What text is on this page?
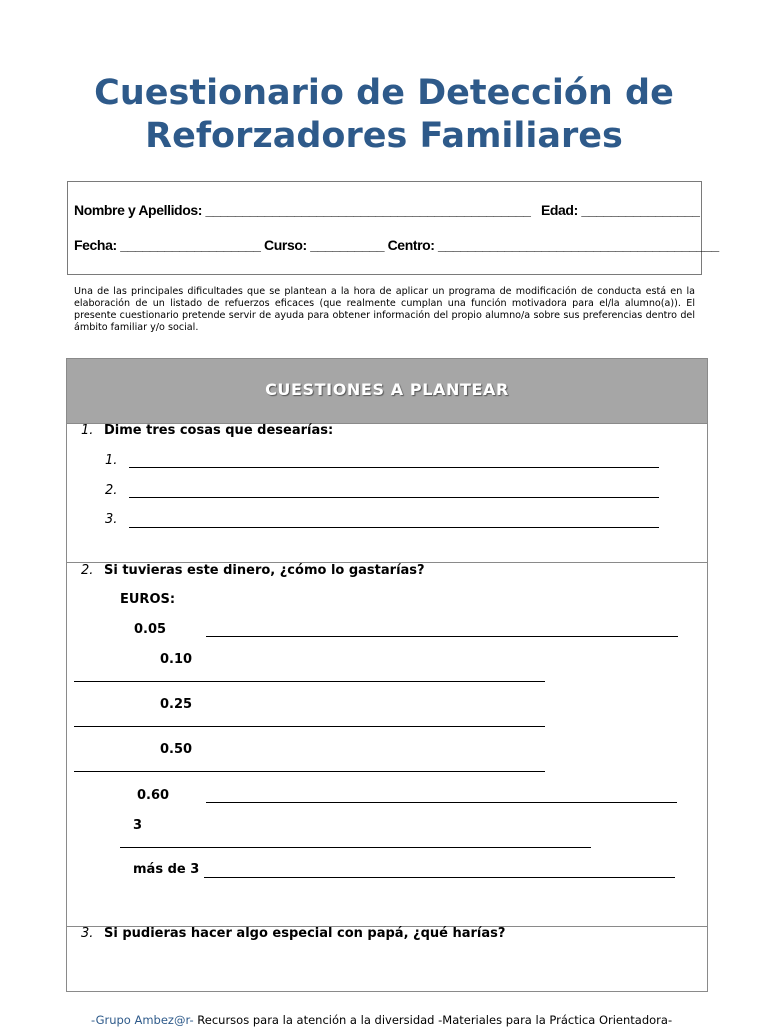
Cuestionario de Detección de
Reforzadores Familiares
Nombre y Apellidos: ____________________________________________   Edad: ________________
Fecha: ___________________ Curso: __________ Centro: ______________________________________

Una de las principales dificultades que se plantean a la hora de aplicar un programa de modificación de conducta está en la elaboración de un listado de refuerzos eficaces (que realmente cumplan una función motivadora para el/la alumno(a)). El presente cuestionario pretende servir de ayuda para obtener información del propio alumno/a sobre sus preferencias dentro del ámbito familiar y/o social.

CUESTIONES A PLANTEAR
1. Dime tres cosas que desearías:
1.
2.
3.
2. Si tuvieras este dinero, ¿cómo lo gastarías?
EUROS:
0.05
0.10
0.25
0.50
0.60
3
más de 3
3. Si pudieras hacer algo especial con papá, ¿qué harías?
-Grupo Ambez@r- Recursos para la atención a la diversidad -Materiales para la Práctica Orientadora-
